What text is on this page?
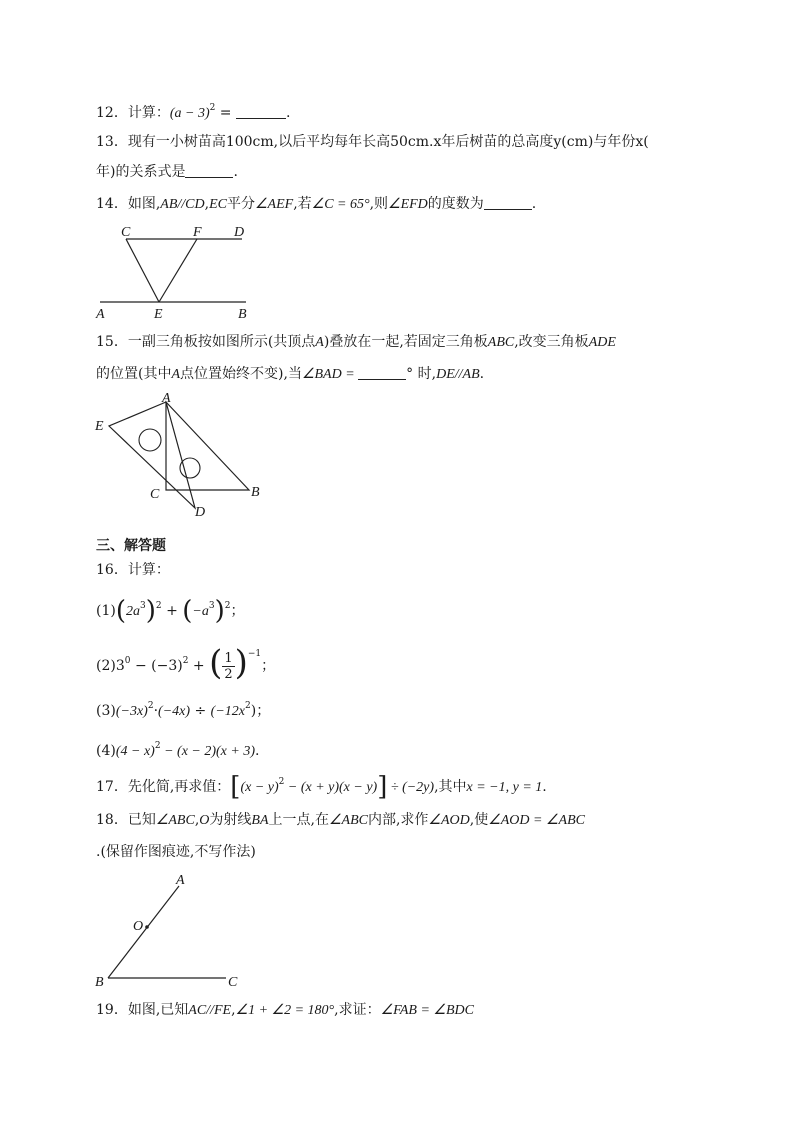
12．计算：$(a - 3)^2$ =	.
13．现有一小树苗高100cm,以后平均每年长高50cm.x年后树苗的总高度y(cm)与年份x(
年)的关系式是	.
14．如图,AB//CD,EC平分∠AEF,若∠C = 65°,则∠EFD的度数为	.
C	F D
A	E	B
15．一副三角板按如图所示(共顶点A)叠放在一起,若固定三角板ABC,改变三角板ADE
的位置(其中A点位置始终不变),当∠BAD =	° 时,DE//AB.
A
E
C	B
D
三、解答题
16．计算：
$(1)(2a^3)^2 + (-a^3)^2$；
$(2)3^0 - (-3)^2$ + ( $\frac{1}{2} )^{-1}$；
$(3)(-3x)^2\cdot(-4x) \div (-12x^2)$；
$(4)(4 - x)^2 - (x - 2)(x + 3)$.
17．先化简,再求值：$[(x - y)^2 - (x + y)(x - y)] \div (-2y)$,其中x = −1, y = 1.
18．已知∠ABC,O为射线BA上一点,在∠ABC内部,求作∠AOD,使∠AOD = ∠ABC
.(保留作图痕迹,不写作法)
A
O
B	C
19．如图,已知AC//FE,∠1 + ∠2 = 180°,求证：∠FAB = ∠BDC
